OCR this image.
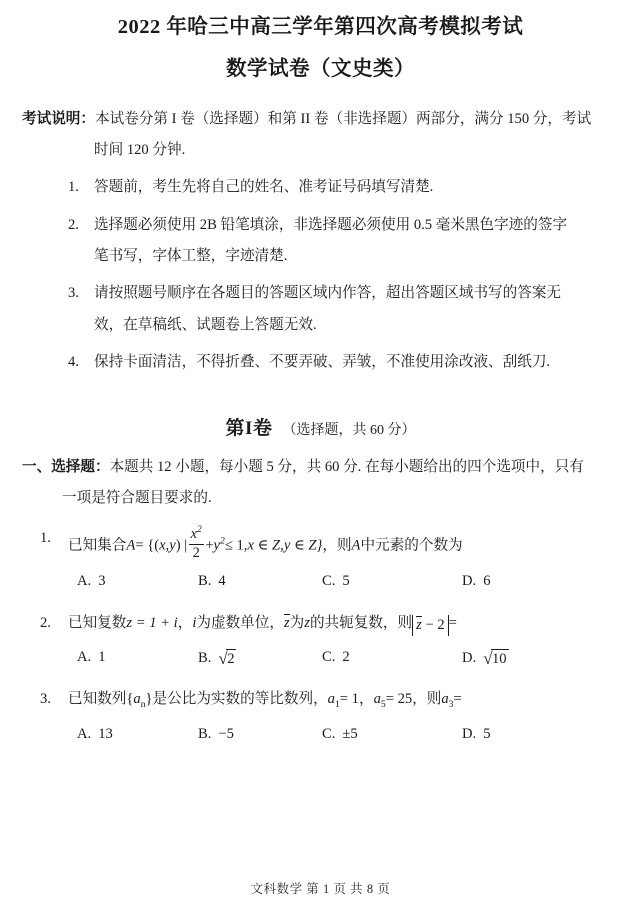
2022 年哈三中高三学年第四次高考模拟考试
数学试卷（文史类）
考试说明：本试卷分第 I 卷（选择题）和第 II 卷（非选择题）两部分，满分 150 分，考试
时间 120 分钟.
1. 答题前，考生先将自己的姓名、准考证号码填写清楚.
2. 选择题必须使用 2B 铅笔填涂，非选择题必须使用 0.5 毫米黑色字迹的签字
笔书写，字体工整，字迹清楚.
3. 请按照题号顺序在各题目的答题区域内作答，超出答题区域书写的答案无
效，在草稿纸、试题卷上答题无效.
4. 保持卡面清洁，不得折叠、不要弄破、弄皱，不准使用涂改液、刮纸刀.
第I卷 （选择题，共 60 分）
一、选择题：本题共 12 小题，每小题 5 分，共 60 分. 在每小题给出的四个选项中，只有
一项是符合题目要求的.
1. 已知集合A= {(x,y) | $\frac{x^2}{2} +y^2\le 1,x$ ∈ Z,y ∈ Z}，则A中元素的个数为
A. 3	B. 4	C. 5	D. 6
2. 已知复数z = 1 + i，i为虚数单位，z为z的共轭复数，则 z − 2 =
A. 1	B. √2	C. 2	D. √10
3. 已知数列$\{a_n\}$是公比为实数的等比数列，$a_1= 1$，$a_5= 25$，则$a_3=$
A. 13	B. −5	C. ±5	D. 5
文科数学 第 1 页 共 8 页
